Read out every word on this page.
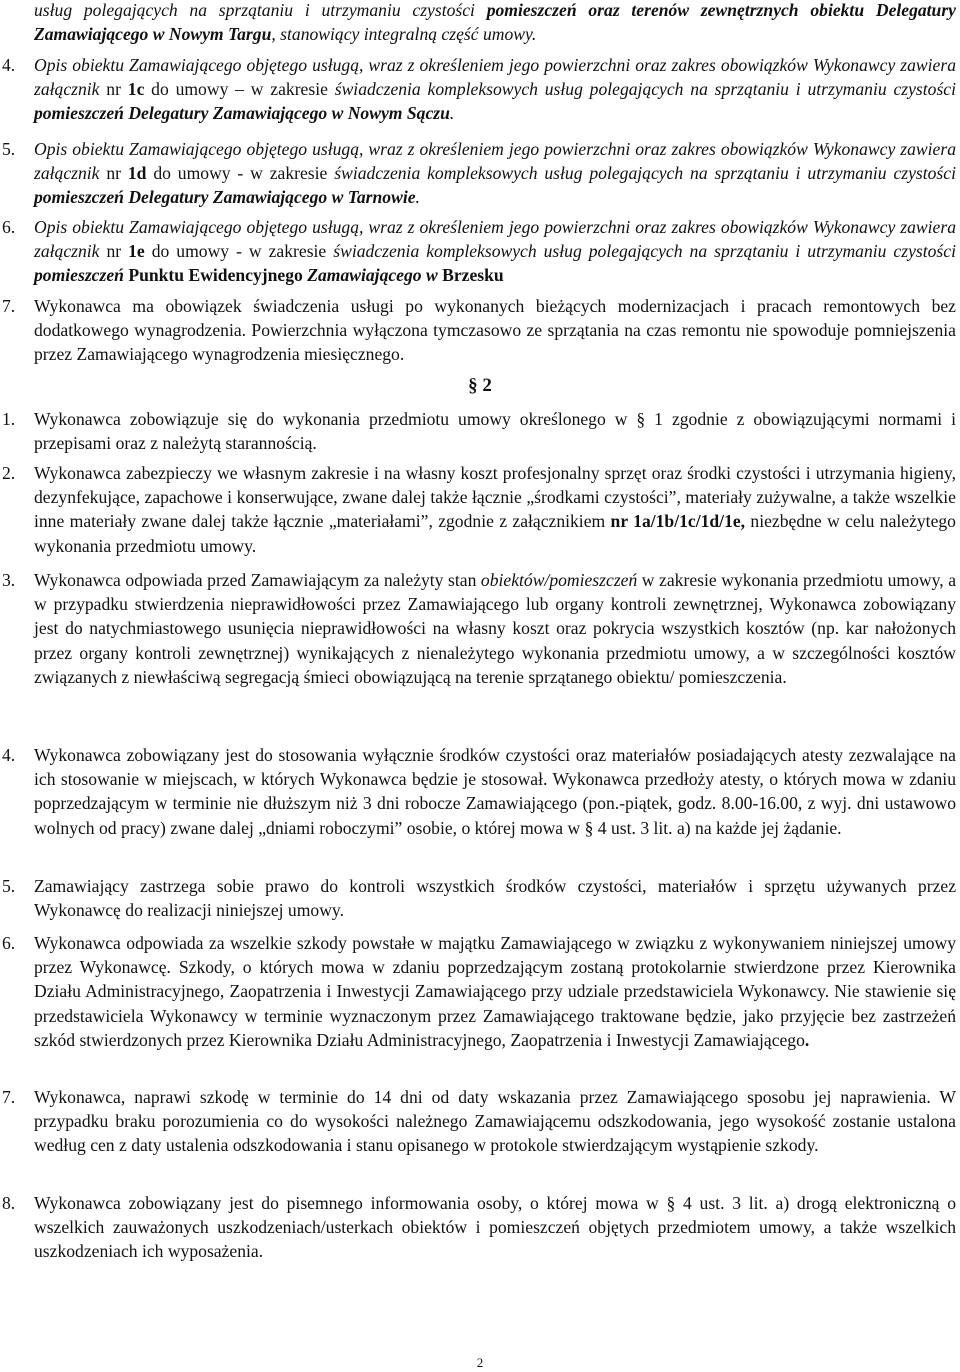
usług polegających na sprzątaniu i utrzymaniu czystości pomieszczeń oraz terenów zewnętrznych obiektu Delegatury Zamawiającego w Nowym Targu, stanowiący integralną część umowy.
4.	Opis obiektu Zamawiającego objętego usługą, wraz z określeniem jego powierzchni oraz zakres obowiązków Wykonawcy zawiera załącznik nr 1c do umowy – w zakresie świadczenia kompleksowych usług polegających na sprzątaniu i utrzymaniu czystości pomieszczeń Delegatury Zamawiającego w Nowym Sączu.
5.	Opis obiektu Zamawiającego objętego usługą, wraz z określeniem jego powierzchni oraz zakres obowiązków Wykonawcy zawiera załącznik nr 1d do umowy - w zakresie świadczenia kompleksowych usług polegających na sprzątaniu i utrzymaniu czystości pomieszczeń Delegatury Zamawiającego w Tarnowie.
6.	Opis obiektu Zamawiającego objętego usługą, wraz z określeniem jego powierzchni oraz zakres obowiązków Wykonawcy zawiera załącznik nr 1e do umowy - w zakresie świadczenia kompleksowych usług polegających na sprzątaniu i utrzymaniu czystości pomieszczeń Punktu Ewidencyjnego Zamawiającego w Brzesku
7.	Wykonawca ma obowiązek świadczenia usługi po wykonanych bieżących modernizacjach i pracach remontowych bez dodatkowego wynagrodzenia. Powierzchnia wyłączona tymczasowo ze sprzątania na czas remontu nie spowoduje pomniejszenia przez Zamawiającego wynagrodzenia miesięcznego.
§ 2
1.	Wykonawca zobowiązuje się do wykonania przedmiotu umowy określonego w § 1 zgodnie z obowiązującymi normami i przepisami oraz z należytą starannością.
2.	Wykonawca zabezpieczy we własnym zakresie i na własny koszt profesjonalny sprzęt oraz środki czystości i utrzymania higieny, dezynfekujące, zapachowe i konserwujące, zwane dalej także łącznie „środkami czystości”, materiały zużywalne, a także wszelkie inne materiały zwane dalej także łącznie „materiałami”, zgodnie z załącznikiem nr 1a/1b/1c/1d/1e, niezbędne w celu należytego wykonania przedmiotu umowy.
3.	Wykonawca odpowiada przed Zamawiającym za należyty stan obiektów/pomieszczeń w zakresie wykonania przedmiotu umowy, a w przypadku stwierdzenia nieprawidłowości przez Zamawiającego lub organy kontroli zewnętrznej, Wykonawca zobowiązany jest do natychmiastowego usunięcia nieprawidłowości na własny koszt oraz pokrycia wszystkich kosztów (np. kar nałożonych przez organy kontroli zewnętrznej) wynikających z nienależytego wykonania przedmiotu umowy, a w szczególności kosztów związanych z niewłaściwą segregacją śmieci obowiązującą na terenie sprzątanego obiektu/ pomieszczenia.
4.	Wykonawca zobowiązany jest do stosowania wyłącznie środków czystości oraz materiałów posiadających atesty zezwalające na ich stosowanie w miejscach, w których Wykonawca będzie je stosował. Wykonawca przedłoży atesty, o których mowa w zdaniu poprzedzającym w terminie nie dłuższym niż 3 dni robocze Zamawiającego (pon.-piątek, godz. 8.00-16.00, z wyj. dni ustawowo wolnych od pracy) zwane dalej „dniami roboczymi” osobie, o której mowa w § 4 ust. 3 lit. a) na każde jej żądanie.
5.	Zamawiający zastrzega sobie prawo do kontroli wszystkich środków czystości, materiałów i sprzętu używanych przez Wykonawcę do realizacji niniejszej umowy.
6.	Wykonawca odpowiada za wszelkie szkody powstałe w majątku Zamawiającego w związku z wykonywaniem niniejszej umowy przez Wykonawcę. Szkody, o których mowa w zdaniu poprzedzającym zostaną protokolarnie stwierdzone przez Kierownika Działu Administracyjnego, Zaopatrzenia i Inwestycji Zamawiającego przy udziale przedstawiciela Wykonawcy. Nie stawienie się przedstawiciela Wykonawcy w terminie wyznaczonym przez Zamawiającego traktowane będzie, jako przyjęcie bez zastrzeżeń szkód stwierdzonych przez Kierownika Działu Administracyjnego, Zaopatrzenia i Inwestycji Zamawiającego.
7.	Wykonawca, naprawi szkodę w terminie do 14 dni od daty wskazania przez Zamawiającego sposobu jej naprawienia. W przypadku braku porozumienia co do wysokości należnego Zamawiającemu odszkodowania, jego wysokość zostanie ustalona według cen z daty ustalenia odszkodowania i stanu opisanego w protokole stwierdzającym wystąpienie szkody.
8.	Wykonawca zobowiązany jest do pisemnego informowania osoby, o której mowa w § 4 ust. 3 lit. a) drogą elektroniczną o wszelkich zauważonych uszkodzeniach/usterkach obiektów i pomieszczeń objętych przedmiotem umowy, a także wszelkich uszkodzeniach ich wyposażenia.
2
